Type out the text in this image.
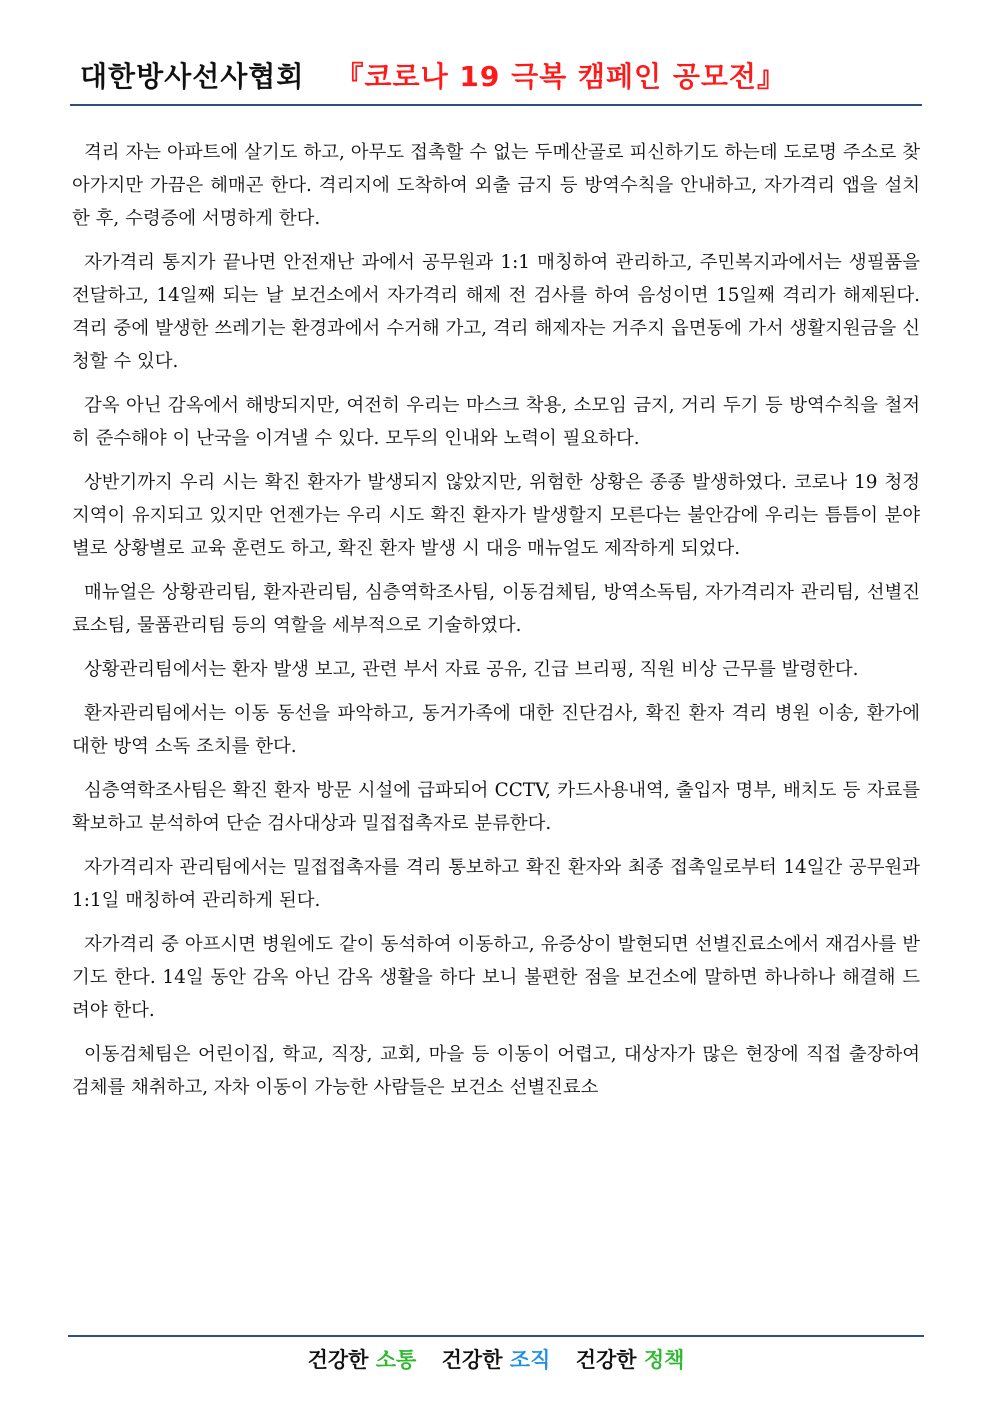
대한방사선사협회 『코로나 19 극복 캠페인 공모전』

격리 자는 아파트에 살기도 하고, 아무도 접촉할 수 없는 두메산골로 피신하기도 하는데 도로명 주소로 찾아가지만 가끔은 헤매곤 한다. 격리지에 도착하여 외출 금지 등 방역수칙을 안내하고, 자가격리 앱을 설치한 후, 수령증에 서명하게 한다.

자가격리 통지가 끝나면 안전재난 과에서 공무원과 1:1 매칭하여 관리하고, 주민복지과에서는 생필품을 전달하고, 14일째 되는 날 보건소에서 자가격리 해제 전 검사를 하여 음성이면 15일째 격리가 해제된다. 격리 중에 발생한 쓰레기는 환경과에서 수거해 가고, 격리 해제자는 거주지 읍면동에 가서 생활지원금을 신청할 수 있다.

감옥 아닌 감옥에서 해방되지만, 여전히 우리는 마스크 착용, 소모임 금지, 거리 두기 등 방역수칙을 철저히 준수해야 이 난국을 이겨낼 수 있다. 모두의 인내와 노력이 필요하다.

상반기까지 우리 시는 확진 환자가 발생되지 않았지만, 위험한 상황은 종종 발생하였다. 코로나 19 청정지역이 유지되고 있지만 언젠가는 우리 시도 확진 환자가 발생할지 모른다는 불안감에 우리는 틈틈이 분야별로 상황별로 교육 훈련도 하고, 확진 환자 발생 시 대응 매뉴얼도 제작하게 되었다.

매뉴얼은 상황관리팀, 환자관리팀, 심층역학조사팀, 이동검체팀, 방역소독팀, 자가격리자 관리팀, 선별진료소팀, 물품관리팀 등의 역할을 세부적으로 기술하였다.

상황관리팀에서는 환자 발생 보고, 관련 부서 자료 공유, 긴급 브리핑, 직원 비상 근무를 발령한다.

환자관리팀에서는 이동 동선을 파악하고, 동거가족에 대한 진단검사, 확진 환자 격리 병원 이송, 환가에 대한 방역 소독 조치를 한다.

심층역학조사팀은 확진 환자 방문 시설에 급파되어 CCTV, 카드사용내역, 출입자 명부, 배치도 등 자료를 확보하고 분석하여 단순 검사대상과 밀접접촉자로 분류한다.

자가격리자 관리팀에서는 밀접접촉자를 격리 통보하고 확진 환자와 최종 접촉일로부터 14일간 공무원과 1:1일 매칭하여 관리하게 된다.

자가격리 중 아프시면 병원에도 같이 동석하여 이동하고, 유증상이 발현되면 선별진료소에서 재검사를 받기도 한다. 14일 동안 감옥 아닌 감옥 생활을 하다 보니 불편한 점을 보건소에 말하면 하나하나 해결해 드려야 한다.

이동검체팀은 어린이집, 학교, 직장, 교회, 마을 등 이동이 어렵고, 대상자가 많은 현장에 직접 출장하여 검체를 채취하고, 자차 이동이 가능한 사람들은 보건소 선별진료소

건강한 소통 건강한 조직 건강한 정책
